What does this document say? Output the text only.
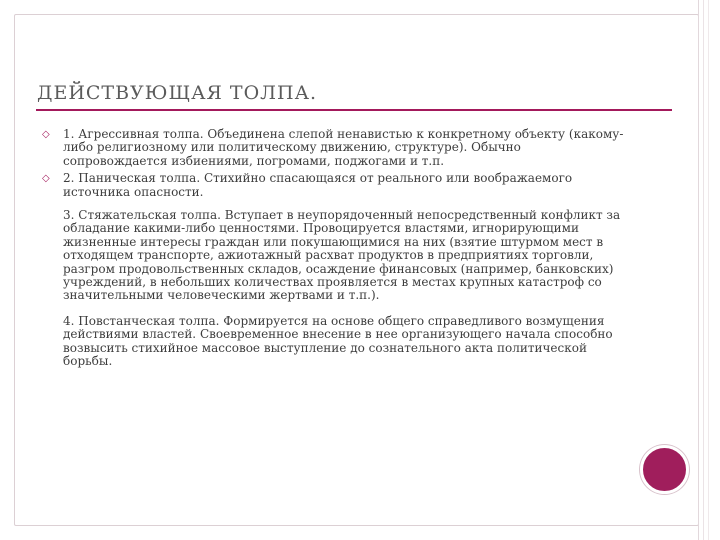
ДЕЙСТВУЮЩАЯ ТОЛПА.
◇ 1. Агрессивная толпа. Объединена слепой ненавистью к конкретному объекту (какому-либо религиозному или политическому движению, структуре). Обычно сопровождается избиениями, погромами, поджогами и т.п.
◇ 2. Паническая толпа. Стихийно спасающаяся от реального или воображаемого источника опасности.
3. Стяжательская толпа. Вступает в неупорядоченный непосредственный конфликт за обладание какими-либо ценностями. Провоцируется властями, игнорирующими жизненные интересы граждан или покушающимися на них (взятие штурмом мест в отходящем транспорте, ажиотажный расхват продуктов в предприятиях торговли, разгром продовольственных складов, осаждение финансовых (например, банковских) учреждений, в небольших количествах проявляется в местах крупных катастроф со значительными человеческими жертвами и т.п.).
4. Повстанческая толпа. Формируется на основе общего справедливого возмущения действиями властей. Своевременное внесение в нее организующего начала способно возвысить стихийное массовое выступление до сознательного акта политической борьбы.
